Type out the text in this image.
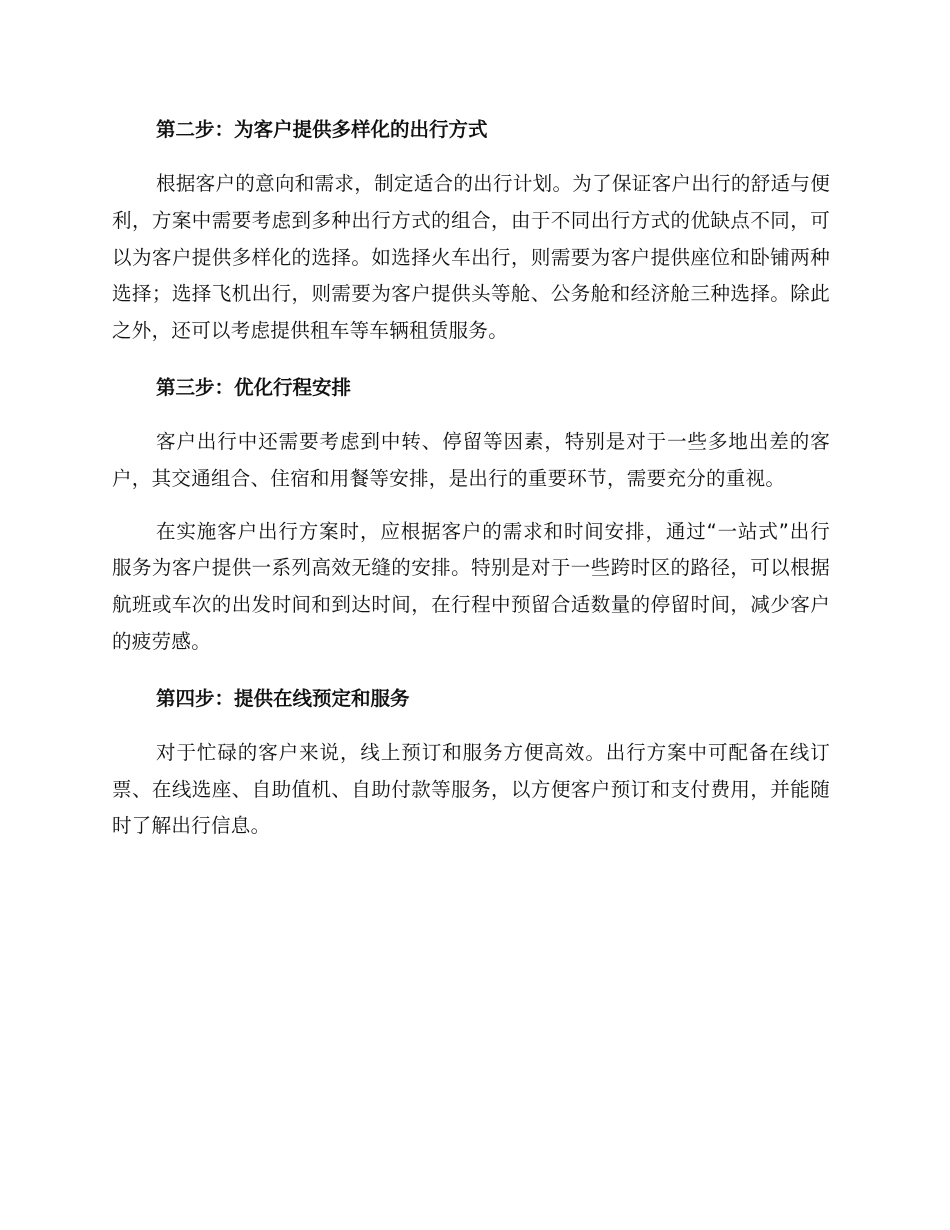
第二步：为客户提供多样化的出行方式

根据客户的意向和需求，制定适合的出行计划。为了保证客户出行的舒适与便利，方案中需要考虑到多种出行方式的组合，由于不同出行方式的优缺点不同，可以为客户提供多样化的选择。如选择火车出行，则需要为客户提供座位和卧铺两种选择；选择飞机出行，则需要为客户提供头等舱、公务舱和经济舱三种选择。除此之外，还可以考虑提供租车等车辆租赁服务。

第三步：优化行程安排

客户出行中还需要考虑到中转、停留等因素，特别是对于一些多地出差的客户，其交通组合、住宿和用餐等安排，是出行的重要环节，需要充分的重视。

在实施客户出行方案时，应根据客户的需求和时间安排，通过“一站式”出行服务为客户提供一系列高效无缝的安排。特别是对于一些跨时区的路径，可以根据航班或车次的出发时间和到达时间，在行程中预留合适数量的停留时间，减少客户的疲劳感。

第四步：提供在线预定和服务

对于忙碌的客户来说，线上预订和服务方便高效。出行方案中可配备在线订票、在线选座、自助值机、自助付款等服务，以方便客户预订和支付费用，并能随时了解出行信息。
